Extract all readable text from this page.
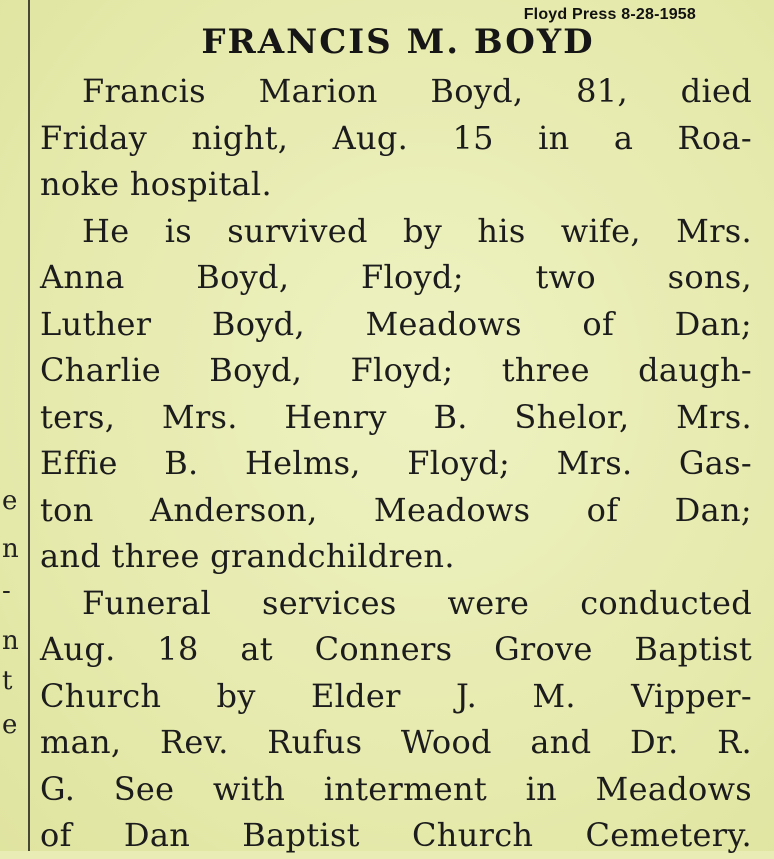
e
n
-
n
t
e
Floyd Press 8-28-1958
FRANCIS M. BOYD

Francis Marion Boyd, 81, died
Friday night, Aug. 15 in a Roa-
noke hospital.

He is survived by his wife, Mrs.
Anna Boyd, Floyd; two sons,
Luther Boyd, Meadows of Dan;
Charlie Boyd, Floyd; three daugh-
ters, Mrs. Henry B. Shelor, Mrs.
Effie B. Helms, Floyd; Mrs. Gas-
ton Anderson, Meadows of Dan;
and three grandchildren.

Funeral services were conducted
Aug. 18 at Conners Grove Baptist
Church by Elder J. M. Vipper-
man, Rev. Rufus Wood and Dr. R.
G. See with interment in Meadows
of Dan Baptist Church Cemetery.
